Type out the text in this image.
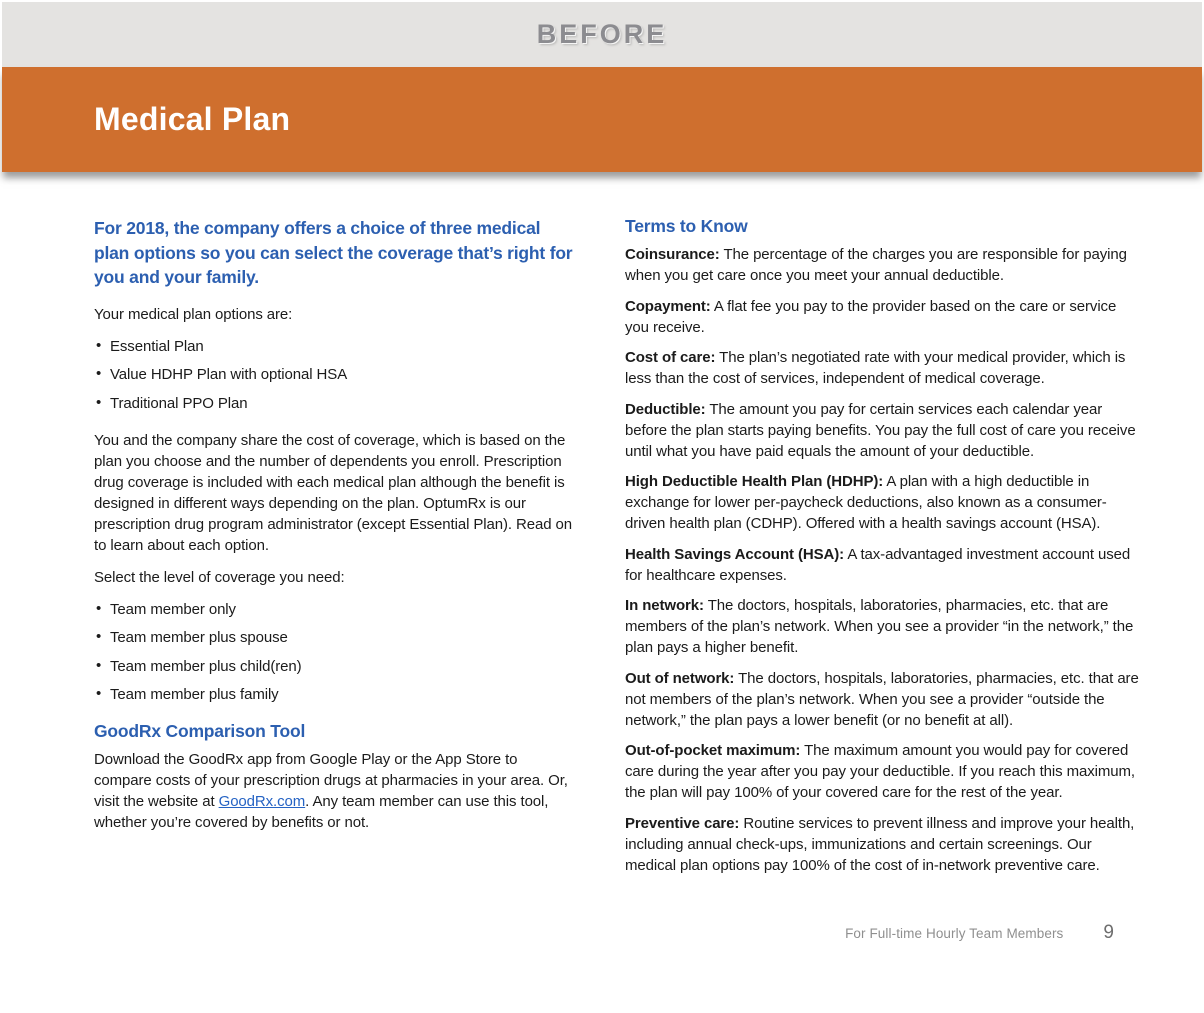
BEFORE
Medical Plan

For 2018, the company offers a choice of three medical plan options so you can select the coverage that’s right for you and your family.

Your medical plan options are:

• Essential Plan
• Value HDHP Plan with optional HSA
• Traditional PPO Plan

You and the company share the cost of coverage, which is based on the plan you choose and the number of dependents you enroll. Prescription drug coverage is included with each medical plan although the benefit is designed in different ways depending on the plan. OptumRx is our prescription drug program administrator (except Essential Plan). Read on to learn about each option.

Select the level of coverage you need:

• Team member only
• Team member plus spouse
• Team member plus child(ren)
• Team member plus family
GoodRx Comparison Tool

Download the GoodRx app from Google Play or the App Store to compare costs of your prescription drugs at pharmacies in your area. Or, visit the website at GoodRx.com. Any team member can use this tool, whether you’re covered by benefits or not.

Terms to Know

Coinsurance: The percentage of the charges you are responsible for paying when you get care once you meet your annual deductible.

Copayment: A flat fee you pay to the provider based on the care or service you receive.

Cost of care: The plan’s negotiated rate with your medical provider, which is less than the cost of services, independent of medical coverage.

Deductible: The amount you pay for certain services each calendar year before the plan starts paying benefits. You pay the full cost of care you receive until what you have paid equals the amount of your deductible.

High Deductible Health Plan (HDHP): A plan with a high deductible in exchange for lower per-paycheck deductions, also known as a consumer-driven health plan (CDHP). Offered with a health savings account (HSA).

Health Savings Account (HSA): A tax-advantaged investment account used for healthcare expenses.

In network: The doctors, hospitals, laboratories, pharmacies, etc. that are members of the plan’s network. When you see a provider “in the network,” the plan pays a higher benefit.

Out of network: The doctors, hospitals, laboratories, pharmacies, etc. that are not members of the plan’s network. When you see a provider “outside the network,” the plan pays a lower benefit (or no benefit at all).

Out-of-pocket maximum: The maximum amount you would pay for covered care during the year after you pay your deductible. If you reach this maximum, the plan will pay 100% of your covered care for the rest of the year.

Preventive care: Routine services to prevent illness and improve your health, including annual check-ups, immunizations and certain screenings. Our medical plan options pay 100% of the cost of in-network preventive care.

For Full-time Hourly Team Members 9
